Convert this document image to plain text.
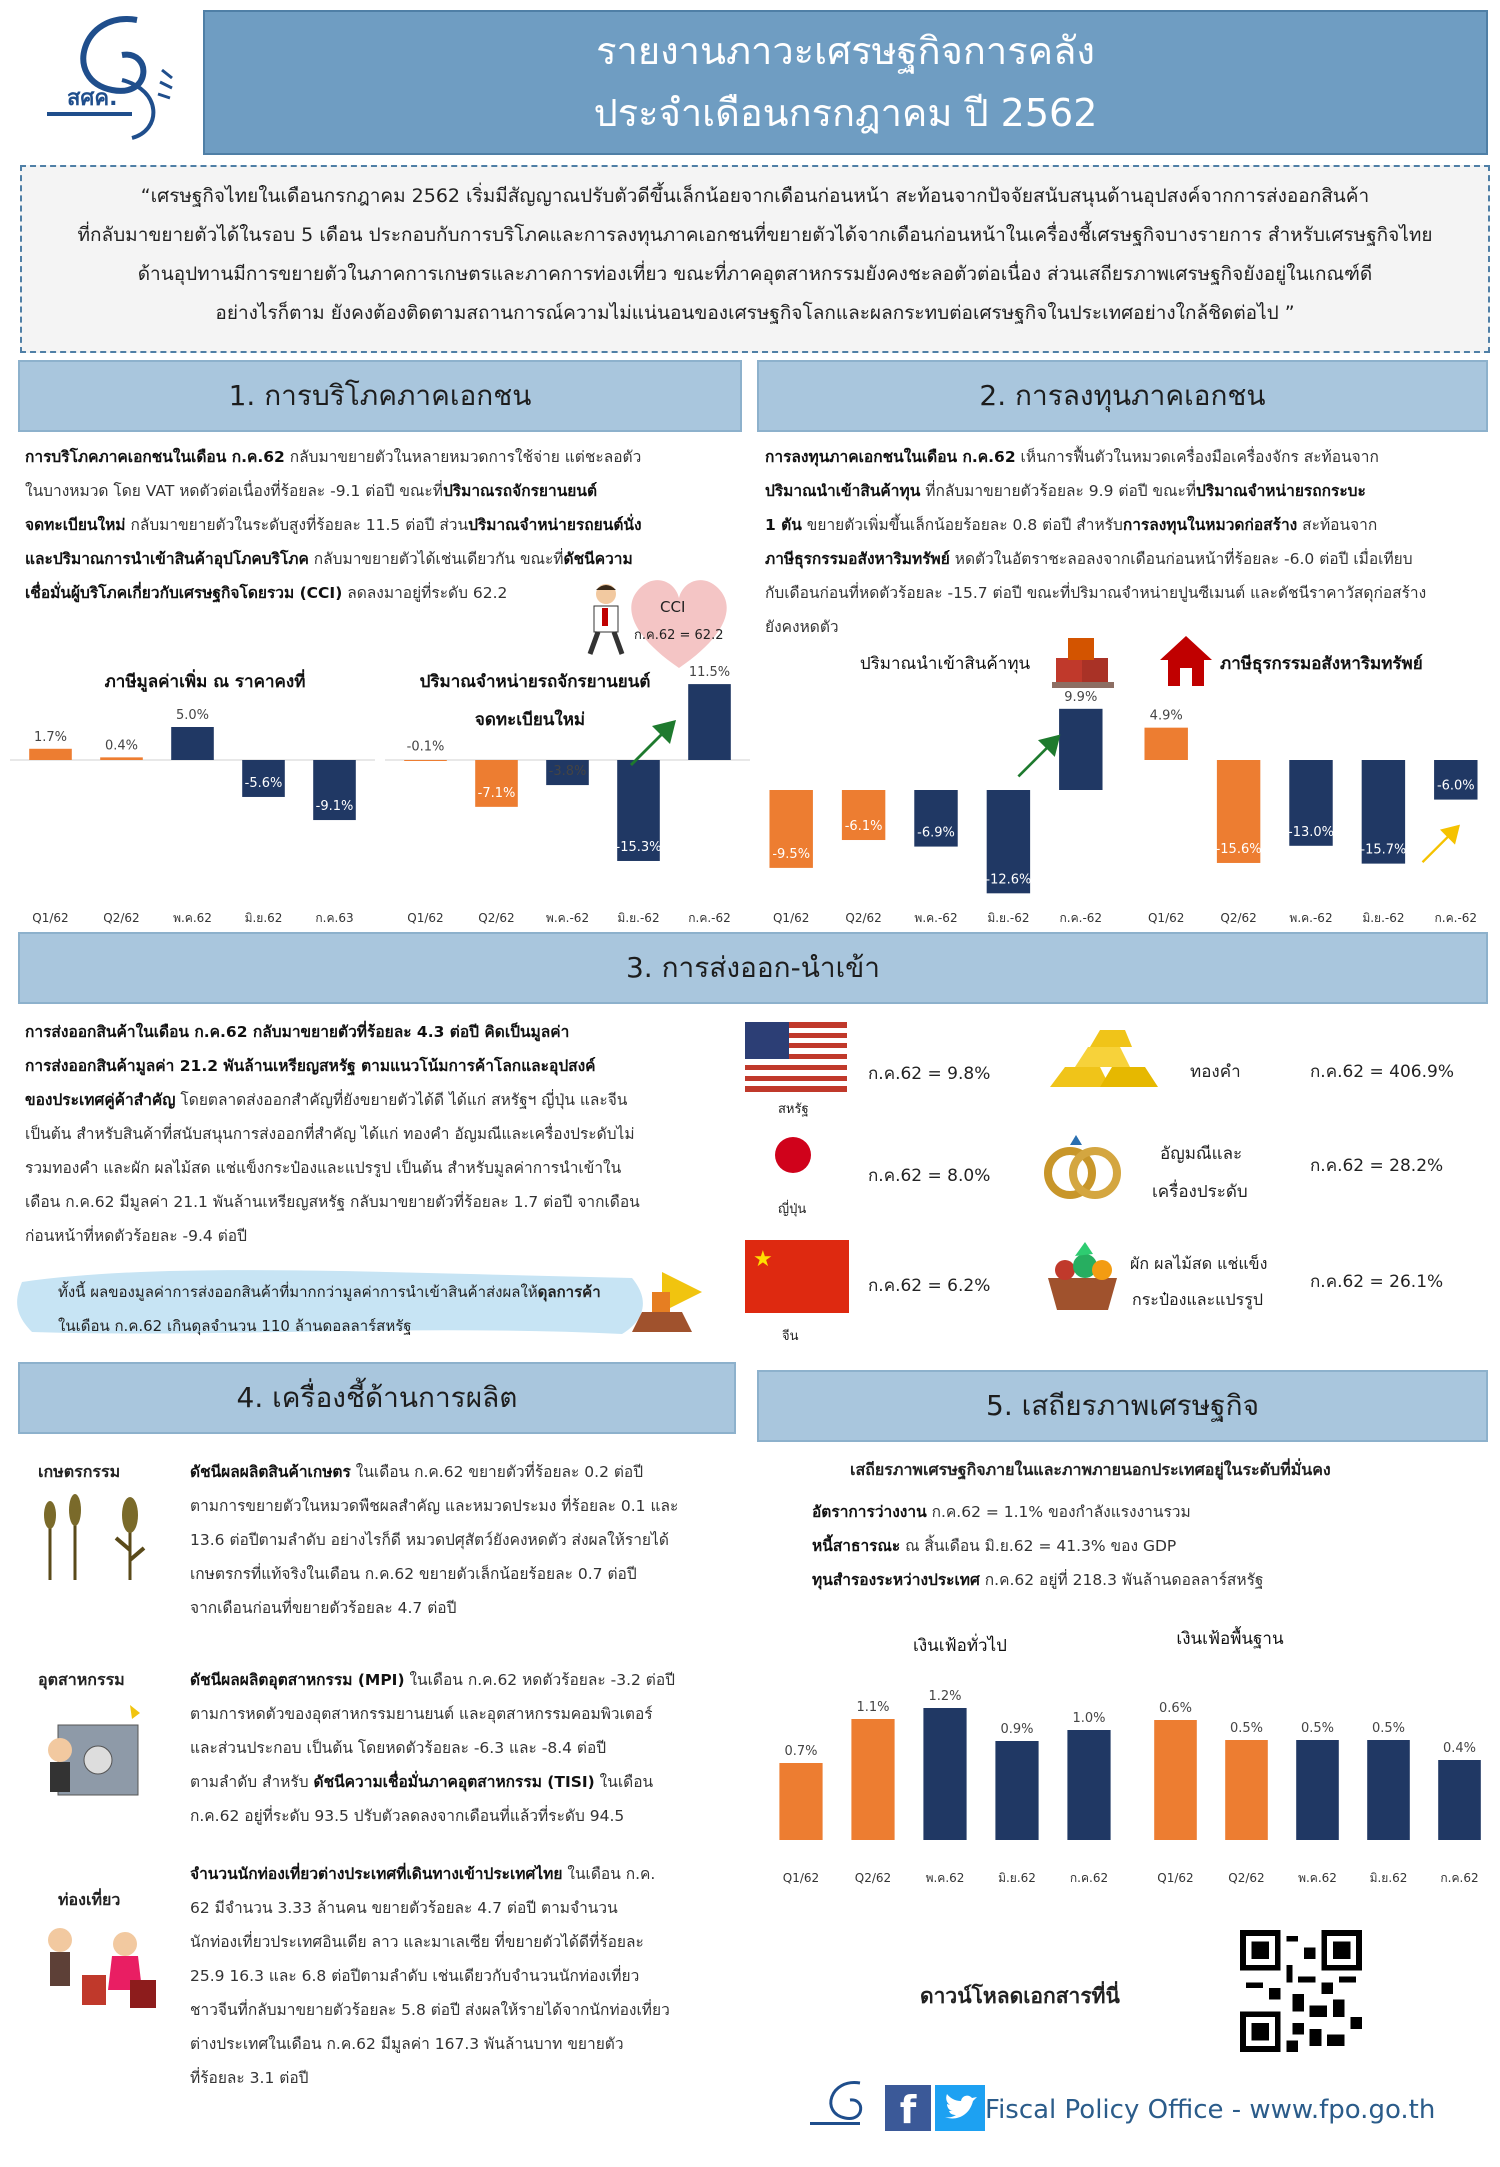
สศค.
รายงานภาวะเศรษฐกิจการคลัง
ประจำเดือนกรกฎาคม ปี 2562
“เศรษฐกิจไทยในเดือนกรกฎาคม 2562 เริ่มมีสัญญาณปรับตัวดีขึ้นเล็กน้อยจากเดือนก่อนหน้า สะท้อนจากปัจจัยสนับสนุนด้านอุปสงค์จากการส่งออกสินค้า
ที่กลับมาขยายตัวได้ในรอบ 5 เดือน ประกอบกับการบริโภคและการลงทุนภาคเอกชนที่ขยายตัวได้จากเดือนก่อนหน้าในเครื่องชี้เศรษฐกิจบางรายการ สำหรับเศรษฐกิจไทย
ด้านอุปทานมีการขยายตัวในภาคการเกษตรและภาคการท่องเที่ยว ขณะที่ภาคอุตสาหกรรมยังคงชะลอตัวต่อเนื่อง ส่วนเสถียรภาพเศรษฐกิจยังอยู่ในเกณฑ์ดี
อย่างไรก็ตาม ยังคงต้องติดตามสถานการณ์ความไม่แน่นอนของเศรษฐกิจโลกและผลกระทบต่อเศรษฐกิจในประเทศอย่างใกล้ชิดต่อไป ”
1. การบริโภคภาคเอกชน
การบริโภคภาคเอกชนในเดือน ก.ค.62 กลับมาขยายตัวในหลายหมวดการใช้จ่าย แต่ชะลอตัว
ในบางหมวด โดย VAT หดตัวต่อเนื่องที่ร้อยละ -9.1 ต่อปี ขณะที่ปริมาณรถจักรยานยนต์
จดทะเบียนใหม่ กลับมาขยายตัวในระดับสูงที่ร้อยละ 11.5 ต่อปี ส่วนปริมาณจำหน่ายรถยนต์นั่ง
และปริมาณการนำเข้าสินค้าอุปโภคบริโภค กลับมาขยายตัวได้เช่นเดียวกัน ขณะที่ดัชนีความ
เชื่อมั่นผู้บริโภคเกี่ยวกับเศรษฐกิจโดยรวม (CCI) ลดลงมาอยู่ที่ระดับ 62.2
CCI
ก.ค.62 = 62.2
ภาษีมูลค่าเพิ่ม ณ ราคาคงที่	ปริมาณจำหน่ายรถจักรยานยนต์
จดทะเบียนใหม่
1.7%
Q1/62
0.4%
Q2/62
5.0%
พ.ค.62
-5.6%
มิ.ย.62
-9.1%
ก.ค.63
-0.1%
Q1/62
-7.1%
Q2/62
-3.8%
พ.ค.-62
-15.3%
มิ.ย.-62
11.5%
ก.ค.-62
2. การลงทุนภาคเอกชน
การลงทุนภาคเอกชนในเดือน ก.ค.62 เห็นการฟื้นตัวในหมวดเครื่องมือเครื่องจักร สะท้อนจาก
ปริมาณนำเข้าสินค้าทุน ที่กลับมาขยายตัวร้อยละ 9.9 ต่อปี ขณะที่ปริมาณจำหน่ายรถกระบะ
1 ตัน ขยายตัวเพิ่มขึ้นเล็กน้อยร้อยละ 0.8 ต่อปี สำหรับการลงทุนในหมวดก่อสร้าง สะท้อนจาก
ภาษีธุรกรรมอสังหาริมทรัพย์ หดตัวในอัตราชะลอลงจากเดือนก่อนหน้าที่ร้อยละ -6.0 ต่อปี เมื่อเทียบ
กับเดือนก่อนที่หดตัวร้อยละ -15.7 ต่อปี ขณะที่ปริมาณจำหน่ายปูนซีเมนต์ และดัชนีราคาวัสดุก่อสร้าง
ยังคงหดตัว
ปริมาณนำเข้าสินค้าทุน	ภาษีธุรกรรมอสังหาริมทรัพย์
-9.5%
Q1/62
-6.1%
Q2/62
-6.9%
พ.ค.-62
-12.6%
มิ.ย.-62
9.9%
ก.ค.-62
4.9%
Q1/62
-15.6%
Q2/62
-13.0%
พ.ค.-62
-15.7%
มิ.ย.-62
-6.0%
ก.ค.-62
3. การส่งออก-นำเข้า
การส่งออกสินค้าในเดือน ก.ค.62 กลับมาขยายตัวที่ร้อยละ 4.3 ต่อปี คิดเป็นมูลค่า
การส่งออกสินค้ามูลค่า 21.2 พันล้านเหรียญสหรัฐ ตามแนวโน้มการค้าโลกและอุปสงค์
ของประเทศคู่ค้าสำคัญ โดยตลาดส่งออกสำคัญที่ยังขยายตัวได้ดี ได้แก่ สหรัฐฯ ญี่ปุ่น และจีน
เป็นต้น สำหรับสินค้าที่สนับสนุนการส่งออกที่สำคัญ ได้แก่ ทองคำ อัญมณีและเครื่องประดับไม่
รวมทองคำ และผัก ผลไม้สด แช่แข็งกระป๋องและแปรรูป เป็นต้น สำหรับมูลค่าการนำเข้าใน
เดือน ก.ค.62 มีมูลค่า 21.1 พันล้านเหรียญสหรัฐ กลับมาขยายตัวที่ร้อยละ 1.7 ต่อปี จากเดือน
ก่อนหน้าที่หดตัวร้อยละ -9.4 ต่อปี
ทั้งนี้ ผลของมูลค่าการส่งออกสินค้าที่มากกว่ามูลค่าการนำเข้าสินค้าส่งผลให้ดุลการค้า
ในเดือน ก.ค.62 เกินดุลจำนวน 110 ล้านดอลลาร์สหรัฐ
สหรัฐ
ก.ค.62 = 9.8%
ญี่ปุ่น
ก.ค.62 = 8.0%
★
จีน
ก.ค.62 = 6.2%
ทองคำ	ก.ค.62 = 406.9%
อัญมณีและ
เครื่องประดับ
ก.ค.62 = 28.2%
ผัก ผลไม้สด แช่แข็ง
กระป๋องและแปรรูป
ก.ค.62 = 26.1%
4. เครื่องชี้ด้านการผลิต
เกษตรกรรม	ดัชนีผลผลิตสินค้าเกษตร ในเดือน ก.ค.62 ขยายตัวที่ร้อยละ 0.2 ต่อปี
ตามการขยายตัวในหมวดพืชผลสำคัญ และหมวดประมง ที่ร้อยละ 0.1 และ
13.6 ต่อปีตามลำดับ อย่างไรก็ดี หมวดปศุสัตว์ยังคงหดตัว ส่งผลให้รายได้
เกษตรกรที่แท้จริงในเดือน ก.ค.62 ขยายตัวเล็กน้อยร้อยละ 0.7 ต่อปี
จากเดือนก่อนที่ขยายตัวร้อยละ 4.7 ต่อปี
อุตสาหกรรม	ดัชนีผลผลิตอุตสาหกรรม (MPI) ในเดือน ก.ค.62 หดตัวร้อยละ -3.2 ต่อปี
ตามการหดตัวของอุตสาหกรรมยานยนต์ และอุตสาหกรรมคอมพิวเตอร์
และส่วนประกอบ เป็นต้น โดยหดตัวร้อยละ -6.3 และ -8.4 ต่อปี
ตามลำดับ สำหรับ ดัชนีความเชื่อมั่นภาคอุตสาหกรรม (TISI) ในเดือน
ก.ค.62 อยู่ที่ระดับ 93.5 ปรับตัวลดลงจากเดือนที่แล้วที่ระดับ 94.5
ท่องเที่ยว
จำนวนนักท่องเที่ยวต่างประเทศที่เดินทางเข้าประเทศไทย ในเดือน ก.ค.
62 มีจำนวน 3.33 ล้านคน ขยายตัวร้อยละ 4.7 ต่อปี ตามจำนวน
นักท่องเที่ยวประเทศอินเดีย ลาว และมาเลเซีย ที่ขยายตัวได้ดีที่ร้อยละ
25.9 16.3 และ 6.8 ต่อปีตามลำดับ เช่นเดียวกับจำนวนนักท่องเที่ยว
ชาวจีนที่กลับมาขยายตัวร้อยละ 5.8 ต่อปี ส่งผลให้รายได้จากนักท่องเที่ยว
ต่างประเทศในเดือน ก.ค.62 มีมูลค่า 167.3 พันล้านบาท ขยายตัว
ที่ร้อยละ 3.1 ต่อปี
5. เสถียรภาพเศรษฐกิจ
เสถียรภาพเศรษฐกิจภายในและภาพภายนอกประเทศอยู่ในระดับที่มั่นคง
อัตราการว่างงาน ก.ค.62 = 1.1% ของกำลังแรงงานรวม
หนี้สาธารณะ ณ สิ้นเดือน มิ.ย.62 = 41.3% ของ GDP
ทุนสำรองระหว่างประเทศ ก.ค.62 อยู่ที่ 218.3 พันล้านดอลลาร์สหรัฐ
เงินเฟ้อทั่วไป	เงินเฟ้อพื้นฐาน
0.7%
Q1/62
1.1%
Q2/62
1.2%
พ.ค.62
0.9%
มิ.ย.62
1.0%
ก.ค.62
0.6%
Q1/62
0.5%
Q2/62
0.5%
พ.ค.62
0.5%
มิ.ย.62
0.4%
ก.ค.62
ดาวน์โหลดเอกสารที่นี่
f	Fiscal Policy Office - www.fpo.go.th
